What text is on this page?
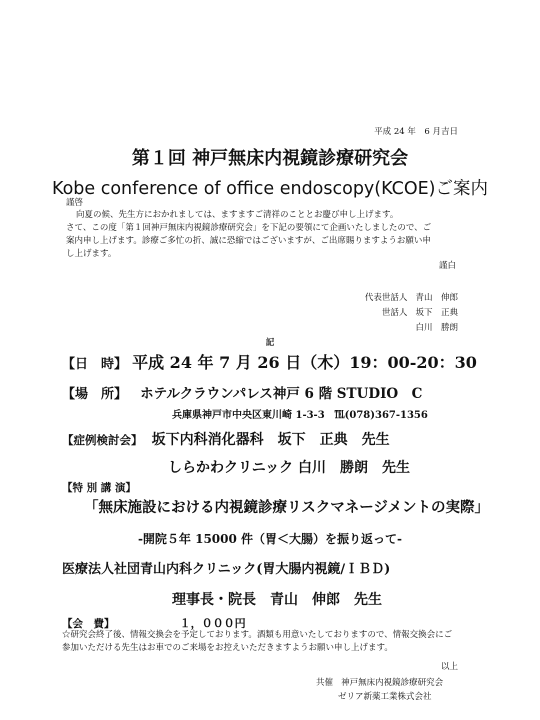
平成 24 年　6 月吉日
第１回 神戸無床内視鏡診療研究会
Kobe conference of office endoscopy(KCOE)ご案内
謹啓

向夏の候、先生方におかれましては、ますますご清祥のこととお慶び申し上げます。

さて、この度「第１回神戸無床内視鏡診療研究会」を下記の要領にて企画いたしましたので、ご

案内申し上げます。診療ご多忙の折、誠に恐縮ではございますが、ご出席賜りますようお願い申

し上げます。

謹白
代表世話人 青山　伸郎
世話人 坂下　正典
白川　勝朗
記
【日　時】 平成 24 年 7 月 26 日（木）19：00-20：30
【場　所】 ホテルクラウンパレス神戸 6 階 STUDIO　C
兵庫県神戸市中央区東川崎 1-3-3　℡(078)367-1356
【症例検討会】 坂下内科消化器科　坂下　正典　先生
しらかわクリニック 白川　勝朗　先生
【特 別 講 演】
「無床施設における内視鏡診療リスクマネージメントの実際」
-開院５年 15000 件（胃＜大腸）を振り返って-
医療法人社団青山内科クリニック(胃大腸内視鏡/ＩＢＤ)
理事長・院長　青山　伸郎　先生
【会　費】	１，０００円
☆研究会終了後、情報交換会を予定しております。酒類も用意いたしておりますので、情報交換会にご参加いただける先生はお車でのご来場をお控えいただきますようお願い申し上げます。
以上
共催 神戸無床内視鏡診療研究会
ゼリア新薬工業株式会社
